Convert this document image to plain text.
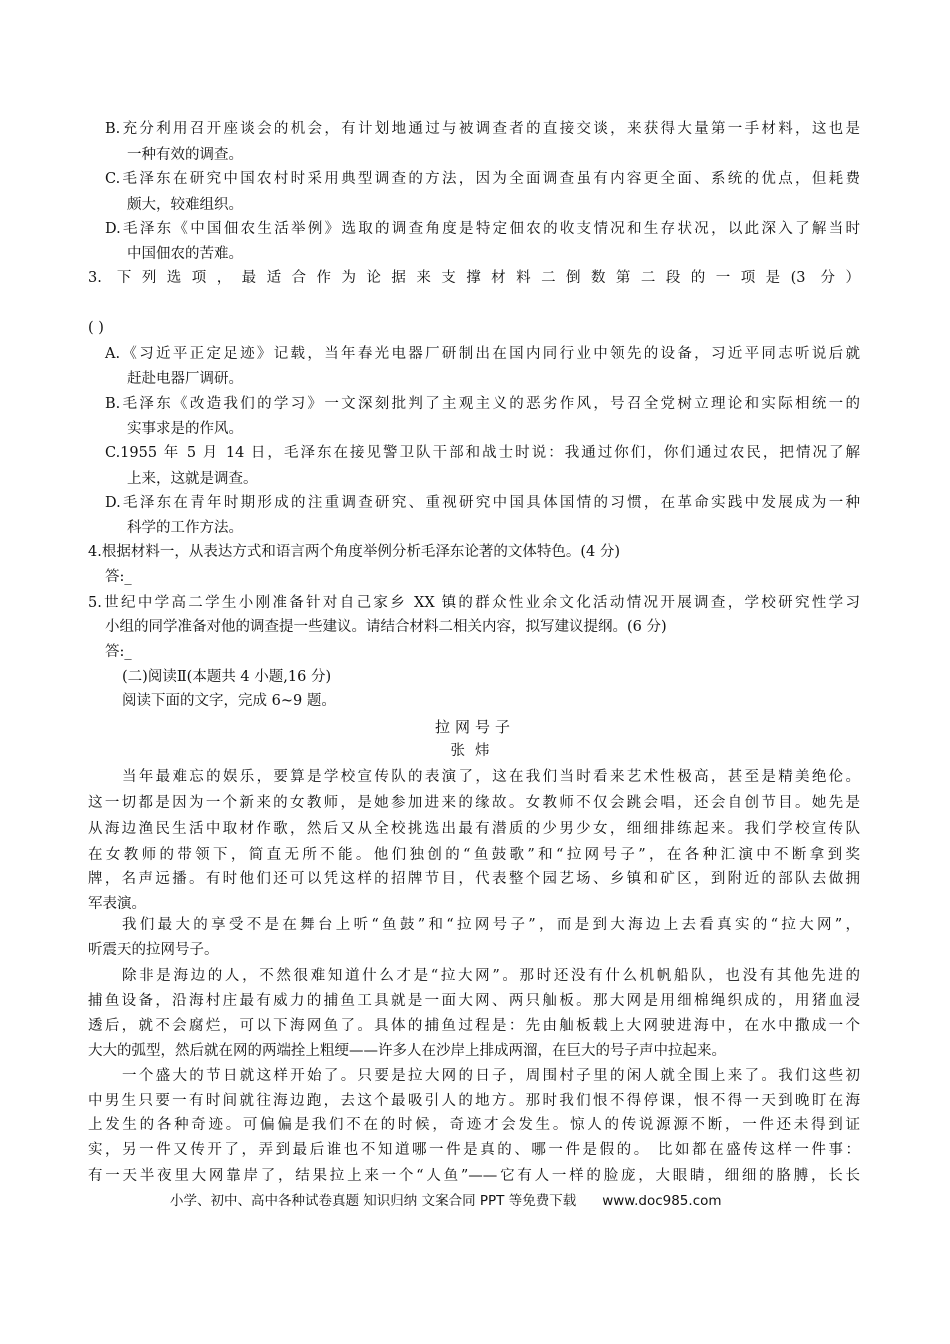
B.充分利用召开座谈会的机会，有计划地通过与被调查者的直接交谈，来获得大量第一手材料，这也是
一种有效的调查。
C.毛泽东在研究中国农村时采用典型调查的方法，因为全面调查虽有内容更全面、系统的优点，但耗费
颇大，较难组织。
D.毛泽东《中国佃农生活举例》选取的调查角度是特定佃农的收支情况和生存状况，以此深入了解当时
中国佃农的苦难。
3. 下列选项，最适合作为论据来支撑材料二倒数第二段的一项是(3 分）
( )
A.《习近平正定足迹》记载，当年春光电器厂研制出在国内同行业中领先的设备，习近平同志听说后就
赶赴电器厂调研。
B.毛泽东《改造我们的学习》一文深刻批判了主观主义的恶劣作风，号召全党树立理论和实际相统一的
实事求是的作风。
C.1955 年 5 月 14 日，毛泽东在接见警卫队干部和战士时说：我通过你们，你们通过农民，把情况了解
上来，这就是调查。
D.毛泽东在青年时期形成的注重调查研究、重视研究中国具体国情的习惯，在革命实践中发展成为一种
科学的工作方法。
4.根据材料一，从表达方式和语言两个角度举例分析毛泽东论著的文体特色。(4 分)
答:_
5.世纪中学高二学生小刚准备针对自己家乡 XX 镇的群众性业余文化活动情况开展调查，学校研究性学习
小组的同学准备对他的调查提一些建议。请结合材料二相关内容，拟写建议提纲。(6 分)
答:_
(二)阅读Ⅱ(本题共 4 小题,16 分)
阅读下面的文字，完成 6~9 题。
拉网号子
张炜
当年最难忘的娱乐，要算是学校宣传队的表演了，这在我们当时看来艺术性极高，甚至是精美绝伦。
这一切都是因为一个新来的女教师，是她参加进来的缘故。女教师不仅会跳会唱，还会自创节目。她先是
从海边渔民生活中取材作歌，然后又从全校挑选出最有潜质的少男少女，细细排练起来。我们学校宣传队
在女教师的带领下，简直无所不能。他们独创的“鱼鼓歌”和“拉网号子”，在各种汇演中不断拿到奖
牌，名声远播。有时他们还可以凭这样的招牌节目，代表整个园艺场、乡镇和矿区，到附近的部队去做拥
军表演。
我们最大的享受不是在舞台上听“鱼鼓”和“拉网号子”，而是到大海边上去看真实的“拉大网”，
听震天的拉网号子。
除非是海边的人，不然很难知道什么才是“拉大网”。那时还没有什么机帆船队，也没有其他先进的
捕鱼设备，沿海村庄最有威力的捕鱼工具就是一面大网、两只舢板。那大网是用细棉绳织成的，用猪血浸
透后，就不会腐烂，可以下海网鱼了。具体的捕鱼过程是：先由舢板载上大网驶进海中，在水中撒成一个
大大的弧型，然后就在网的两端拴上粗绠——许多人在沙岸上排成两溜，在巨大的号子声中拉起来。
一个盛大的节日就这样开始了。只要是拉大网的日子，周围村子里的闲人就全围上来了。我们这些初
中男生只要一有时间就往海边跑，去这个最吸引人的地方。那时我们恨不得停课，恨不得一天到晚盯在海
上发生的各种奇迹。可偏偏是我们不在的时候，奇迹才会发生。惊人的传说源源不断，一件还未得到证
实，另一件又传开了，弄到最后谁也不知道哪一件是真的、哪一件是假的。 比如都在盛传这样一件事：
有一天半夜里大网靠岸了，结果拉上来一个“人鱼”——它有人一样的脸庞，大眼睛，细细的胳膊，长长
小学、初中、高中各种试卷真题 知识归纳 文案合同 PPT 等免费下载 www.doc985.com
